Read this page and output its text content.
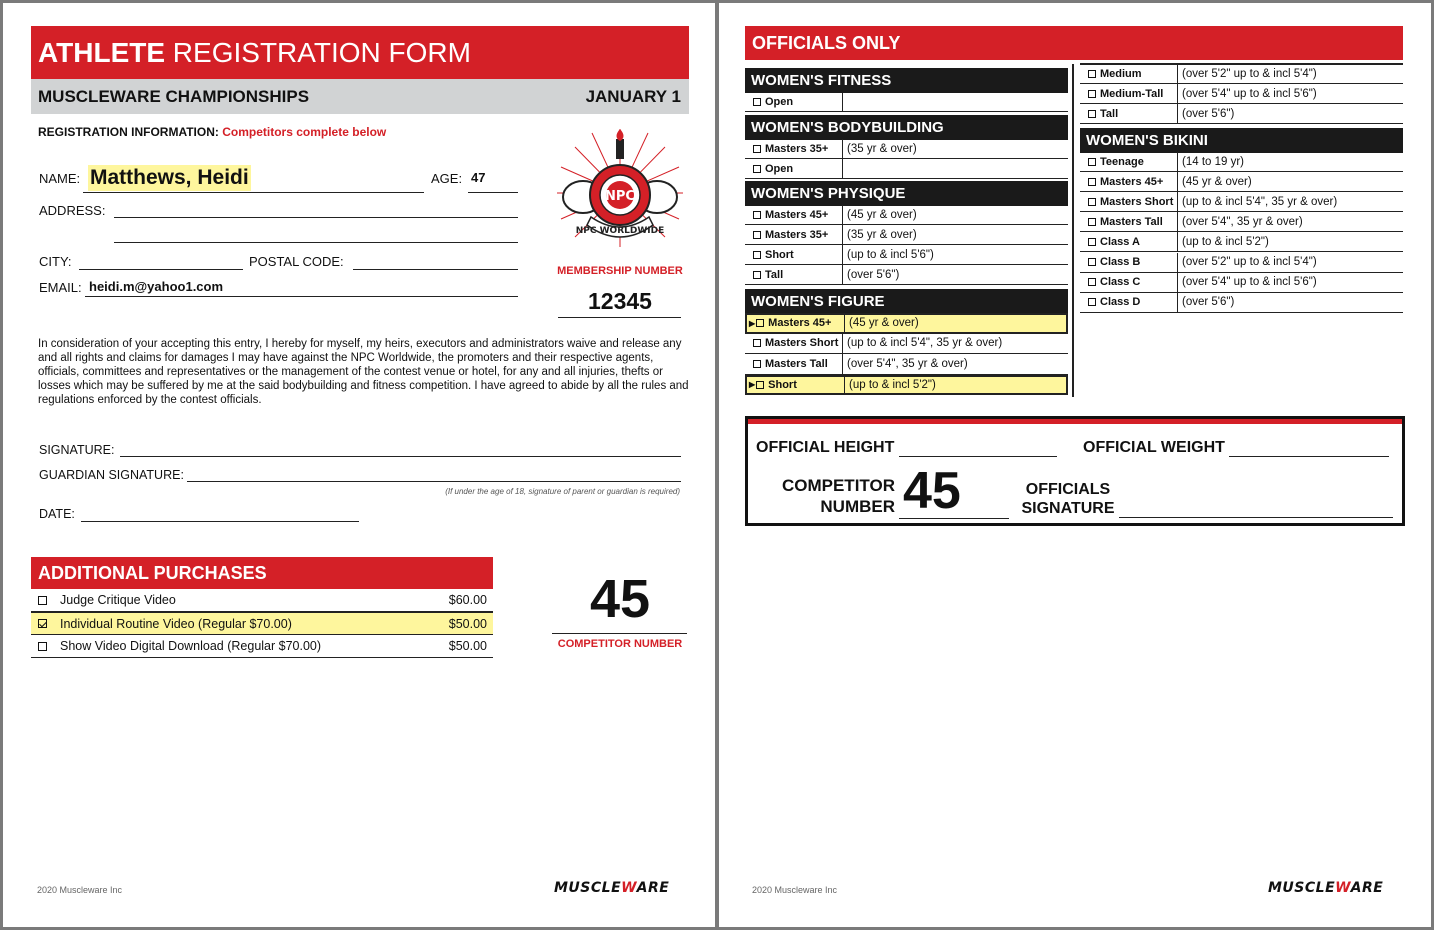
ATHLETE REGISTRATION FORM
MUSCLEWARE CHAMPIONSHIPS	JANUARY 1
REGISTRATION INFORMATION: Competitors complete below
NAME: Matthews, Heidi	AGE: 47
ADDRESS:
CITY:	POSTAL CODE:
EMAIL: heidi.m@yahoo1.com
NPC
NPC WORLDWIDE
MEMBERSHIP NUMBER
12345
In consideration of your accepting this entry, I hereby for myself, my heirs, executors and administrators waive and release any and all rights and claims for damages I may have against the NPC Worldwide, the promoters and their respective agents, officials, committees and representatives or the management of the contest venue or hotel, for any and all injuries, thefts or losses which may be suffered by me at the said bodybuilding and fitness competition. I have agreed to abide by all the rules and regulations enforced by the contest officials.
SIGNATURE:
GUARDIAN SIGNATURE:
(If under the age of 18, signature of parent or guardian is required)
DATE:
ADDITIONAL PURCHASES
Judge Critique Video	$60.00
Individual Routine Video (Regular $70.00)	$50.00
Show Video Digital Download (Regular $70.00)	$50.00
45
COMPETITOR NUMBER
2020 Muscleware Inc	MUSCLEWARE
OFFICIALS ONLY
WOMEN'S FITNESS
Open
WOMEN'S BODYBUILDING
Masters 35+	(35 yr & over)
Open
WOMEN'S PHYSIQUE
Masters 45+	(45 yr & over)
Masters 35+	(35 yr & over)
Short	(up to & incl 5'6")
Tall	(over 5'6")
WOMEN'S FIGURE
▶ Masters 45+	(45 yr & over)
Masters Short (up to & incl 5'4", 35 yr & over)
Masters Tall	(over 5'4", 35 yr & over)
▶ Short	(up to & incl 5'2")
Medium	(over 5'2" up to & incl 5'4")
Medium-Tall	(over 5'4" up to & incl 5'6")
Tall	(over 5'6")
WOMEN'S BIKINI
Teenage	(14 to 19 yr)
Masters 45+	(45 yr & over)
Masters Short (up to & incl 5'4", 35 yr & over)
Masters Tall	(over 5'4", 35 yr & over)
Class A	(up to & incl 5'2")
Class B	(over 5'2" up to & incl 5'4")
Class C	(over 5'4" up to & incl 5'6")
Class D	(over 5'6")
OFFICIAL HEIGHT	OFFICIAL WEIGHT
COMPETITOR
NUMBER 45	OFFICIALS
SIGNATURE
2020 Muscleware Inc	MUSCLEWARE
